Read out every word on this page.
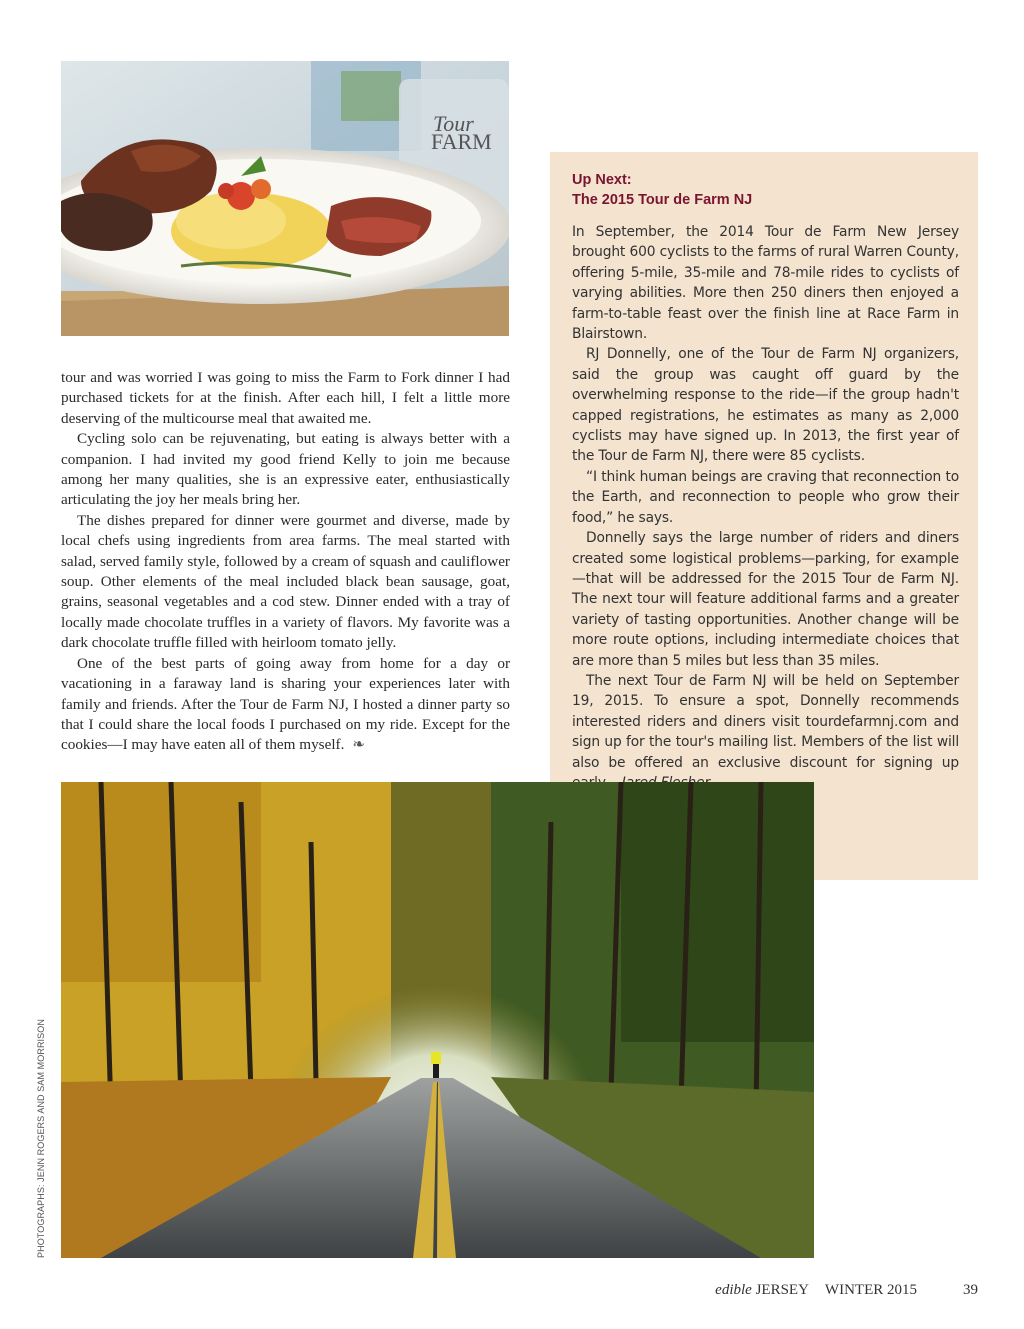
Tour
FARM

tour and was worried I was going to miss the Farm to Fork dinner I had purchased tickets for at the finish. After each hill, I felt a little more deserving of the multicourse meal that awaited me.

Cycling solo can be rejuvenating, but eating is always better with a companion. I had invited my good friend Kelly to join me because among her many qualities, she is an expressive eater, enthusiastically articulating the joy her meals bring her.

The dishes prepared for dinner were gourmet and diverse, made by local chefs using ingredients from area farms. The meal started with salad, served family style, followed by a cream of squash and cauliflower soup. Other elements of the meal included black bean sausage, goat, grains, seasonal vegetables and a cod stew. Dinner ended with a tray of locally made chocolate truffles in a variety of flavors. My favorite was a dark chocolate truffle filled with heirloom tomato jelly.

One of the best parts of going away from home for a day or vacationing in a faraway land is sharing your experiences later with family and friends. After the Tour de Farm NJ, I hosted a dinner party so that I could share the local foods I purchased on my ride. Except for the cookies—I may have eaten all of them myself. ❧

Up Next:
The 2015 Tour de Farm NJ

In September, the 2014 Tour de Farm New Jersey brought 600 cyclists to the farms of rural Warren County, offering 5-mile, 35-mile and 78-mile rides to cyclists of varying abilities. More then 250 diners then enjoyed a farm-to-table feast over the finish line at Race Farm in Blairstown.

RJ Donnelly, one of the Tour de Farm NJ organizers, said the group was caught off guard by the overwhelming response to the ride—if the group hadn't capped registrations, he estimates as many as 2,000 cyclists may have signed up. In 2013, the first year of the Tour de Farm NJ, there were 85 cyclists.

“I think human beings are craving that reconnection to the Earth, and reconnection to people who grow their food,” he says.

Donnelly says the large number of riders and diners created some logistical problems—parking, for example—that will be addressed for the 2015 Tour de Farm NJ. The next tour will feature additional farms and a greater variety of tasting opportunities. Another change will be more route options, including intermediate choices that are more than 5 miles but less than 35 miles.

The next Tour de Farm NJ will be held on September 19, 2015. To ensure a spot, Donnelly recommends interested riders and diners visit tourdefarmnj.com and sign up for the tour's mailing list. Members of the list will also be offered an exclusive discount for signing up

PHOTOGRAPHS: JENN ROGERS AND SAM MORRISON
edible JERSEY WINTER 2015	39
